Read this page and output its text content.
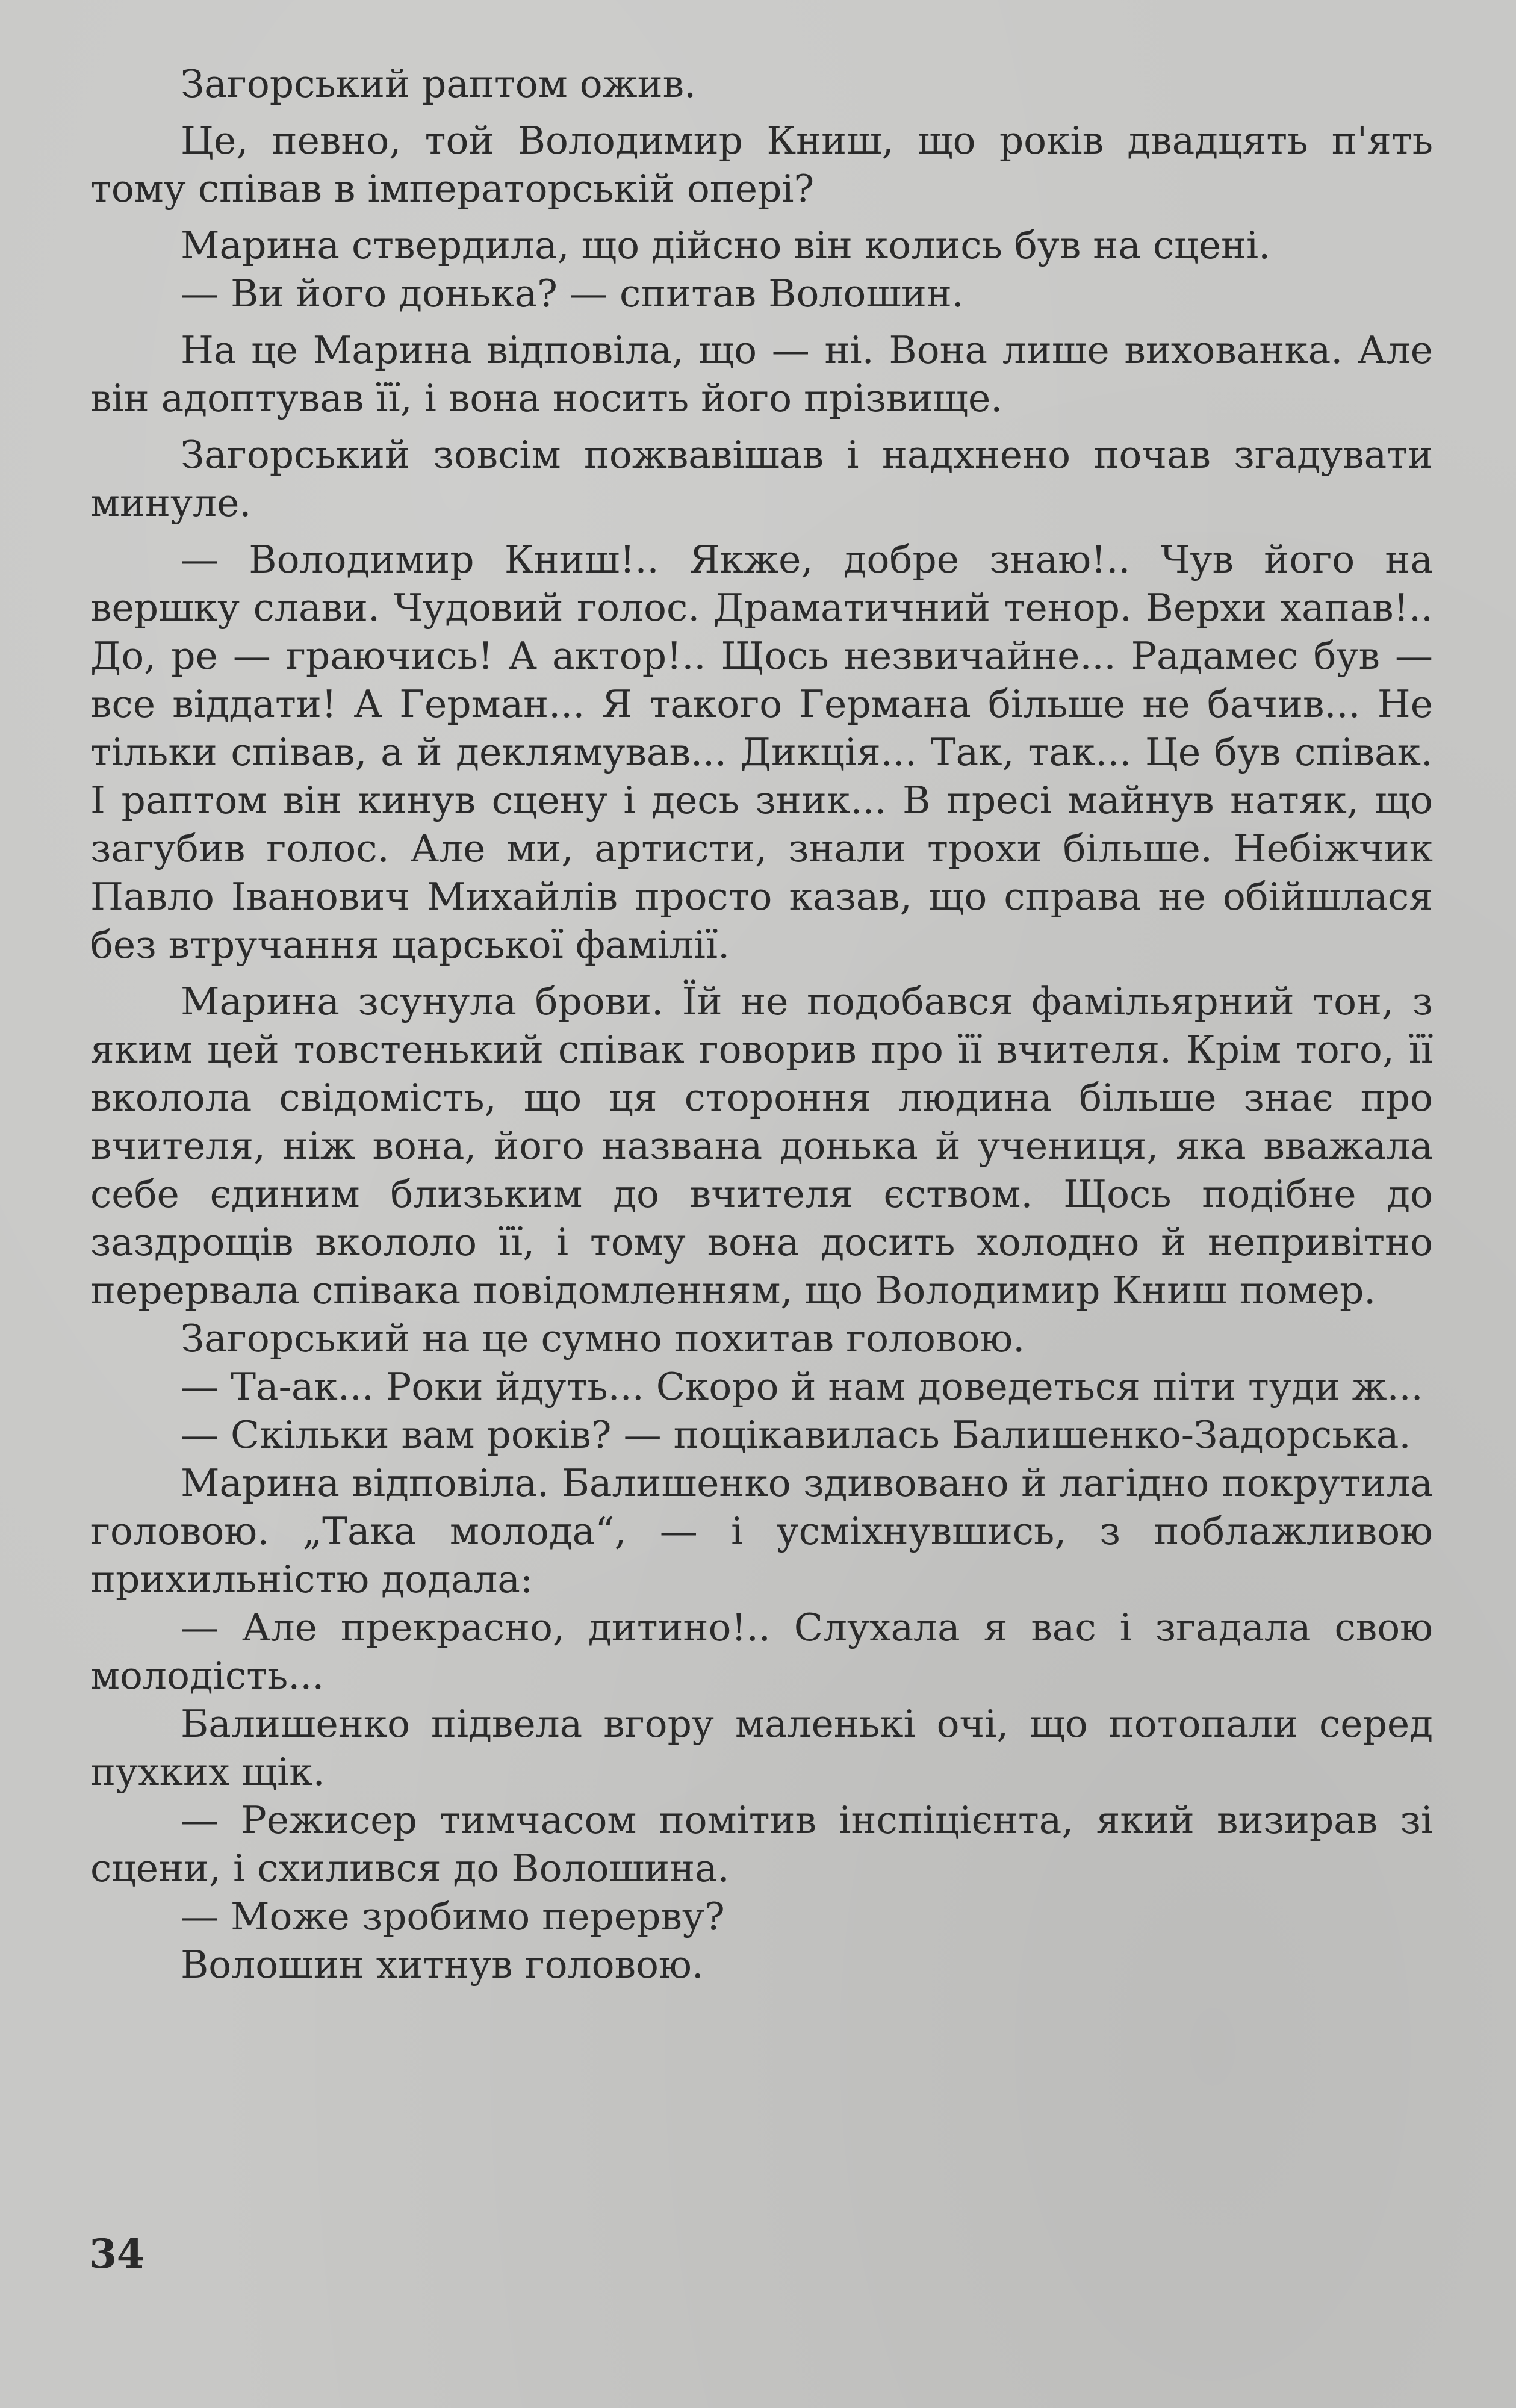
Загорський раптом ожив.

Це, певно, той Володимир Книш, що років двадцять п'ять тому співав в імператорській опері?

Марина ствердила, що дійсно він колись був на сцені.

— Ви його донька? — спитав Волошин.

На це Марина відповіла, що — ні. Вона лише вихованка. Але він адоптував її, і вона носить його прізвище.

Загорський зовсім пожвавішав і надхнено почав згадувати минуле.

— Володимир Книш!.. Якже, добре знаю!.. Чув його на вершку слави. Чудовий голос. Драматичний тенор. Верхи хапав!.. До, ре — граючись! А актор!.. Щось незвичайне... Радамес був — все віддати! А Герман... Я такого Германа більше не бачив... Не тільки співав, а й деклямував... Дикція... Так, так... Це був співак. І раптом він кинув сцену і десь зник... В пресі майнув натяк, що загубив голос. Але ми, артисти, знали трохи більше. Небіжчик Павло Іванович Михайлів просто казав, що справа не обійшлася без втручання царської фамілії.

Марина зсунула брови. Їй не подобався фамільярний тон, з яким цей товстенький співак говорив про її вчителя. Крім того, її вколола свідомість, що ця стороння людина більше знає про вчителя, ніж вона, його названа донька й учениця, яка вважала себе єдиним близьким до вчителя єством. Щось подібне до заздрощів вкололо її, і тому вона досить холодно й непривітно перервала співака повідомленням, що Володимир Книш помер.

Загорський на це сумно похитав головою.

— Та-ак... Роки йдуть... Скоро й нам доведеться піти туди ж...

— Скільки вам років? — поцікавилась Балишенко-Задорська.

Марина відповіла. Балишенко здивовано й лагідно покрутила головою. „Така молода“, — і усміхнувшись, з поблажливою прихильністю додала:

— Але прекрасно, дитино!.. Слухала я вас і згадала свою молодість...

Балишенко підвела вгору маленькі очі, що потопали серед пухких щік.

— Режисер тимчасом помітив інспіцієнта, який визирав зі сцени, і схилився до Волошина.

— Може зробимо перерву?

Волошин хитнув головою.

34
